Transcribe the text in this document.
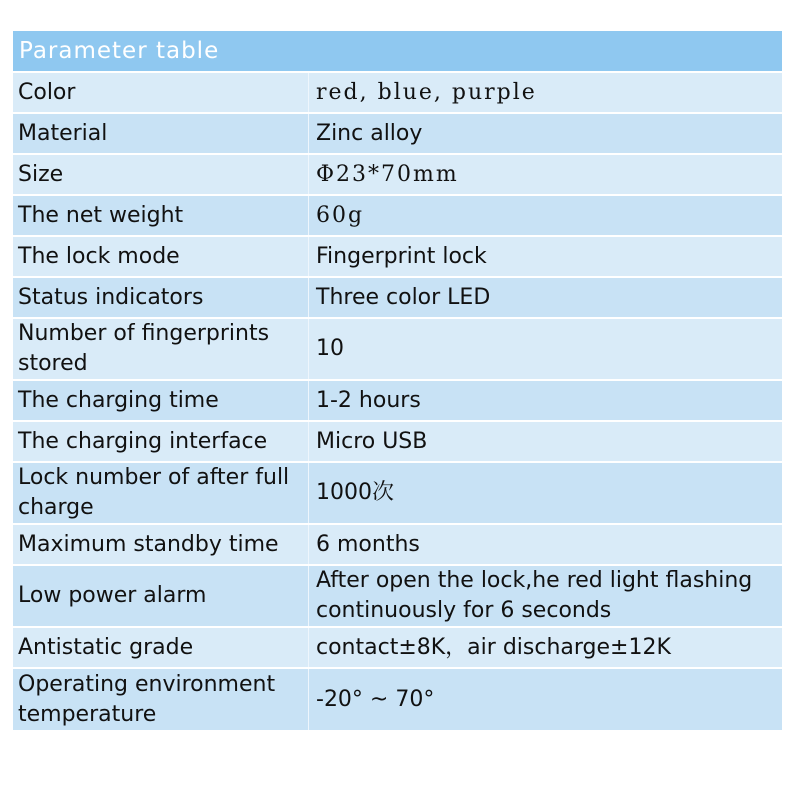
Parameter table	
Color	red, blue, purple
Material	Zinc alloy
Size	Φ23*70mm
The net weight	60g
The lock mode	Fingerprint lock
Status indicators	Three color LED
Number of fingerprints stored	10
The charging time	1-2 hours
The charging interface	Micro USB
Lock number of after full charge	1000次
Maximum standby time	6 months
Low power alarm	After open the lock,he red light flashing continuously for 6 seconds
Antistatic grade	contact±8K，air discharge±12K
Operating environment temperature	-20° ~ 70°
